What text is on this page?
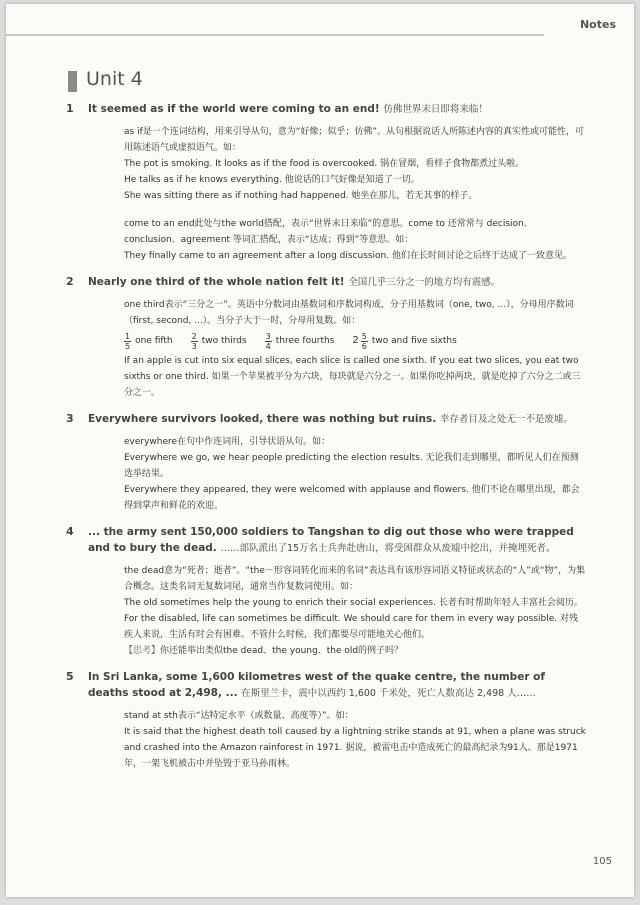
Notes
Unit 4
1	It seemed as if the world were coming to an end! 仿佛世界末日即将来临！

as if是一个连词结构，用来引导从句，意为“好像；似乎；仿佛”。从句根据说话人所陈述内容的真实性或可能性，可用陈述语气或虚拟语气。如：

The pot is smoking. It looks as if the food is overcooked. 锅在冒烟，看样子食物都煮过头啦。

He talks as if he knows everything. 他说话的口气好像是知道了一切。

She was sitting there as if nothing had happened. 她坐在那儿，若无其事的样子。

come to an end此处与the world搭配，表示“世界末日来临”的意思。come to 还常常与 decision、conclusion、agreement 等词汇搭配，表示“达成；得到”等意思。如：

They finally came to an agreement after a long discussion. 他们在长时间讨论之后终于达成了一致意见。

2	Nearly one third of the whole nation felt it! 全国几乎三分之一的地方均有震感。

one third表示“三分之一”。英语中分数词由基数词和序数词构成，分子用基数词（one, two, ...），分母用序数词（first, second, ...）。当分子大于一时，分母用复数。如：

$\frac{1}{5}$ one fifth $\frac{2}{3}$ two thirds $\frac{3}{4}$ three fourths $2 \frac{5}{6}$ two and five sixths

If an apple is cut into six equal slices, each slice is called one sixth. If you eat two slices, you eat two sixths or one third. 如果一个苹果被平分为六块，每块就是六分之一。如果你吃掉两块，就是吃掉了六分之二或三分之一。

3	Everywhere survivors looked, there was nothing but ruins. 幸存者目及之处无一不是废墟。

everywhere在句中作连词用，引导状语从句。如：

Everywhere we go, we hear people predicting the election results. 无论我们走到哪里，都听见人们在预测选举结果。

Everywhere they appeared, they were welcomed with applause and flowers. 他们不论在哪里出现，都会得到掌声和鲜花的欢迎。

4	... the army sent 150,000 soldiers to Tangshan to dig out those who were trapped and to bury the dead. ……部队派出了15万名士兵奔赴唐山，将受困群众从废墟中挖出，并掩埋死者。

the dead意为“死者；逝者”。“the－形容词转化而来的名词”表达具有该形容词语义特征或状态的“人”或“物”，为集合概念。这类名词无复数词尾，通常当作复数词使用。如：

The old sometimes help the young to enrich their social experiences. 长者有时帮助年轻人丰富社会阅历。

For the disabled, life can sometimes be difficult. We should care for them in every way possible. 对残疾人来说，生活有时会有困难。不管什么时候，我们都要尽可能地关心他们。

【思考】你还能举出类似the dead、the young、the old的例子吗？

5	In Sri Lanka, some 1,600 kilometres west of the quake centre, the number of deaths stood at 2,498, ... 在斯里兰卡，震中以西约 1,600 千米处，死亡人数高达 2,498 人……

stand at sth表示“达特定水平（或数量、高度等）”。如：

It is said that the highest death toll caused by a lightning strike stands at 91, when a plane was struck and crashed into the Amazon rainforest in 1971. 据说，被雷电击中造成死亡的最高纪录为91人。那是1971年，一架飞机被击中并坠毁于亚马孙雨林。

105
